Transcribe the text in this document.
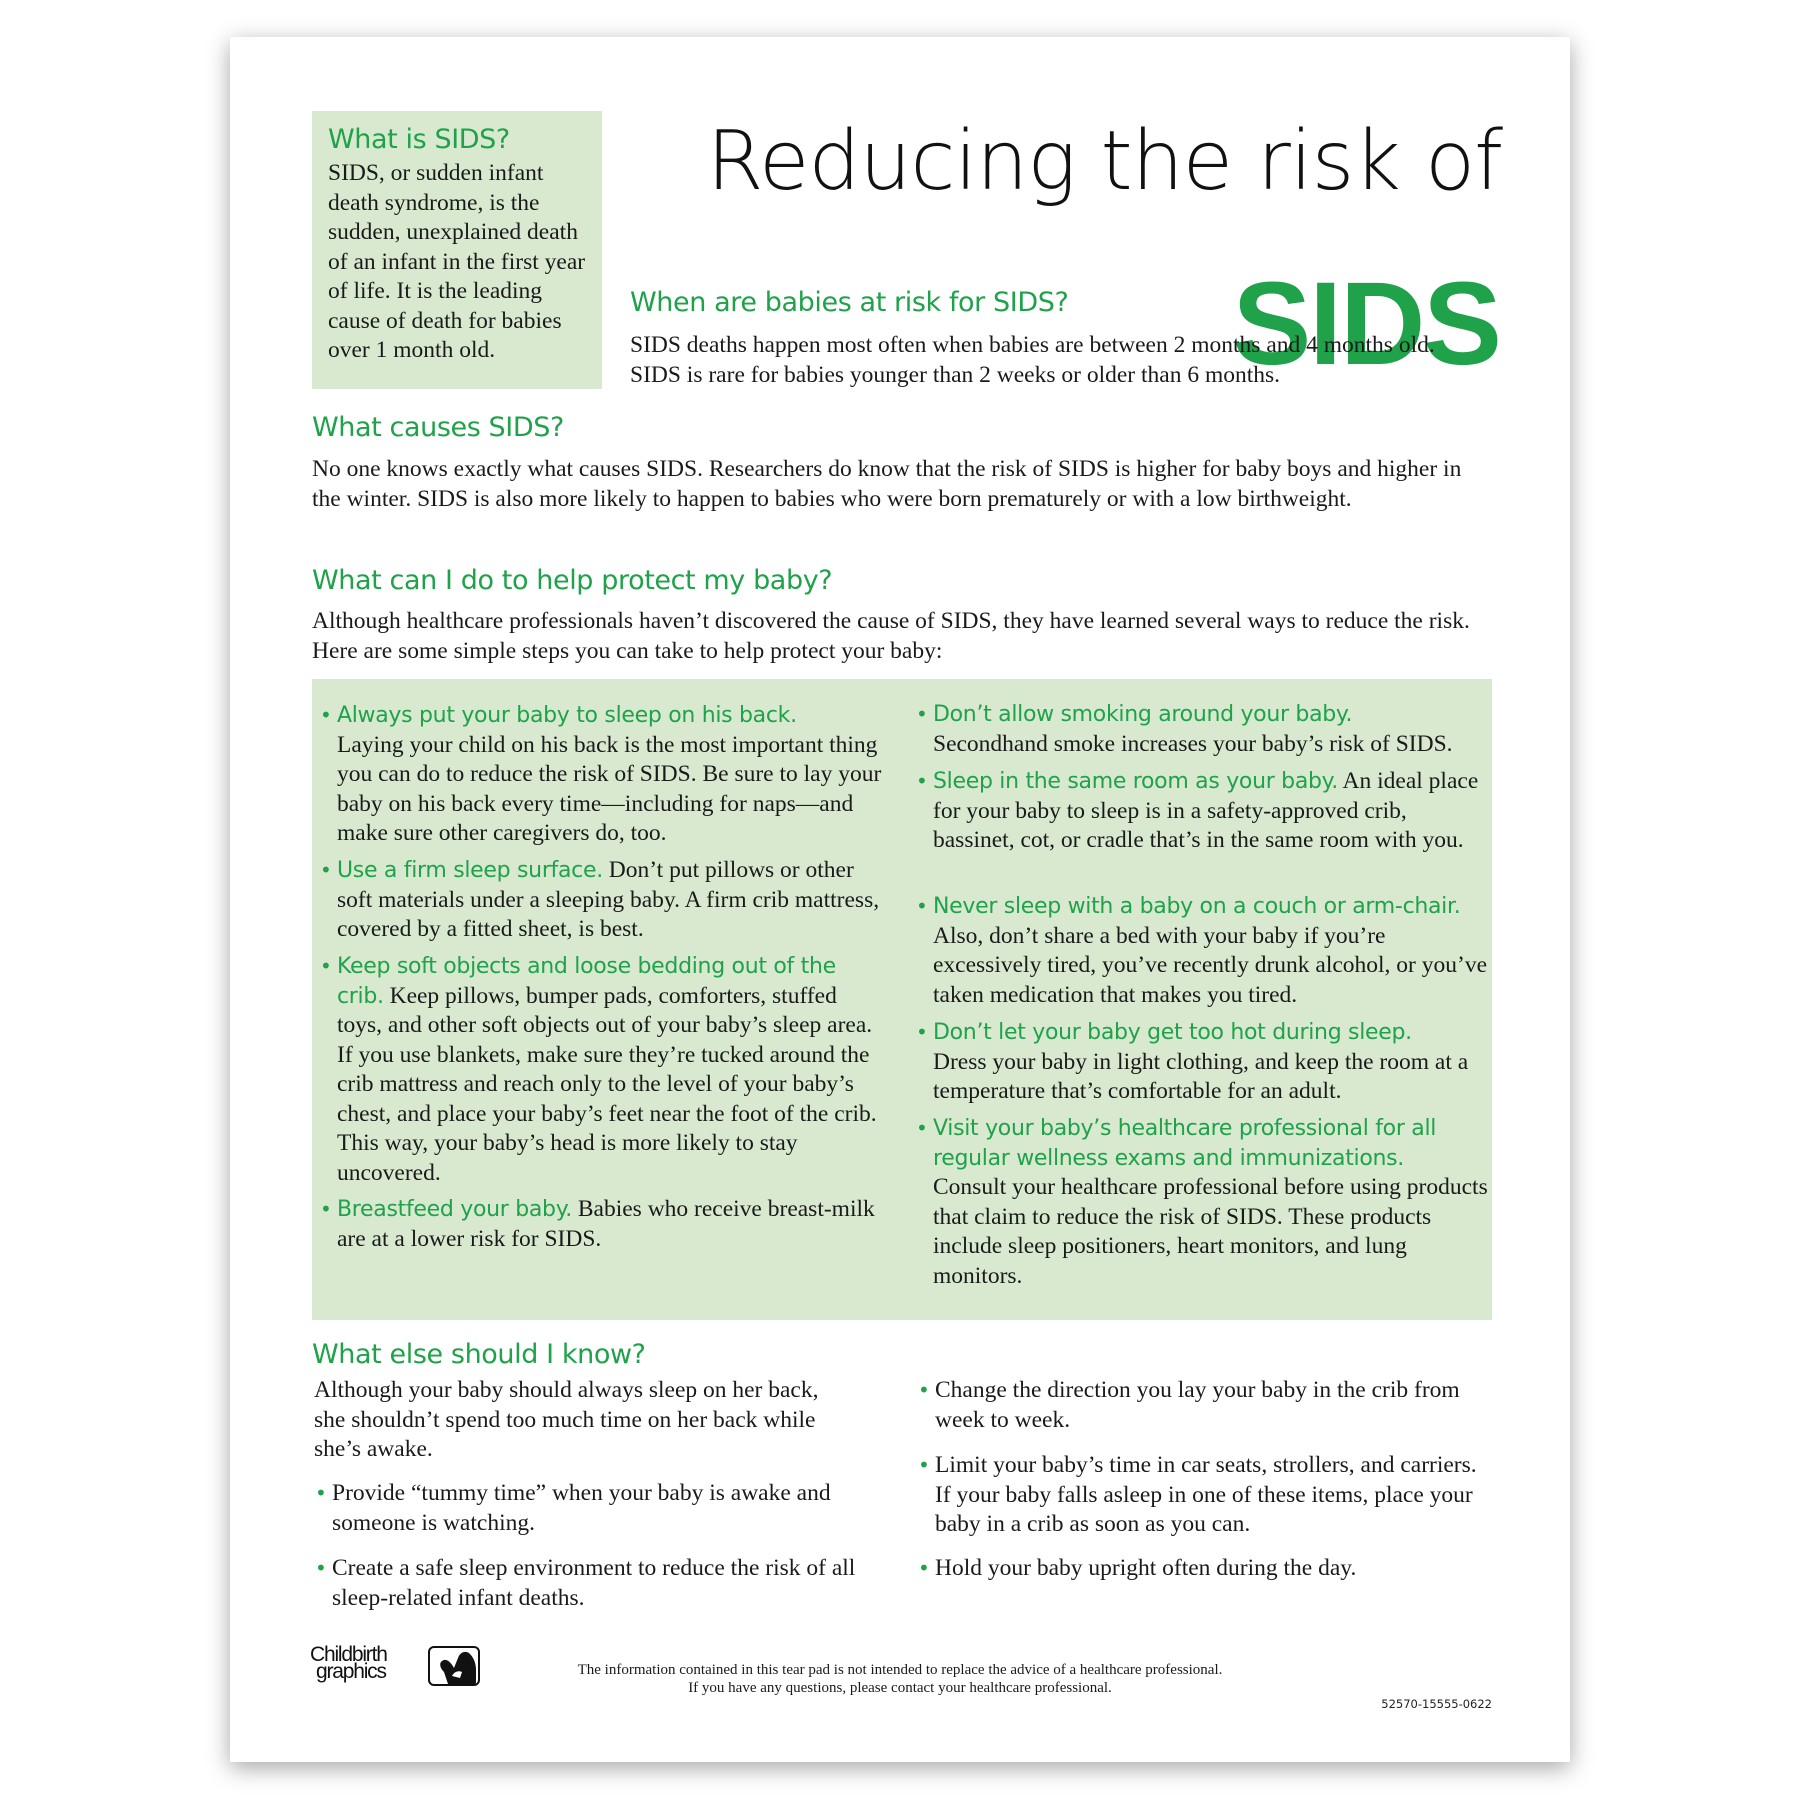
What is SIDS?
SIDS, or sudden infant death syndrome, is the sudden, unexplained death of an infant in the first year of life. It is the leading cause of death for babies over 1 month old.
Reducing the risk of
SIDS
When are babies at risk for SIDS?
SIDS deaths happen most often when babies are between 2 months and 4 months old. SIDS is rare for babies younger than 2 weeks or older than 6 months.
What causes SIDS?
No one knows exactly what causes SIDS. Researchers do know that the risk of SIDS is higher for baby boys and higher in the winter. SIDS is also more likely to happen to babies who were born prematurely or with a low birthweight.
What can I do to help protect my baby?
Although healthcare professionals haven’t discovered the cause of SIDS, they have learned several ways to reduce the risk. Here are some simple steps you can take to help protect your baby:
• Always put your baby to sleep on his back.
Laying your child on his back is the most important thing you can do to reduce the risk of SIDS. Be sure to lay your baby on his back every time—including for naps—and make sure other caregivers do, too.
• Use a firm sleep surface. Don’t put pillows or other soft materials under a sleeping baby. A firm crib mattress, covered by a fitted sheet, is best.
• Keep soft objects and loose bedding out of the crib. Keep pillows, bumper pads, comforters, stuffed toys, and other soft objects out of your baby’s sleep area. If you use blankets, make sure they’re tucked around the crib mattress and reach only to the level of your baby’s chest, and place your baby’s feet near the foot of the crib. This way, your baby’s head is more likely to stay uncovered.
• Breastfeed your baby. Babies who receive breast-milk are at a lower risk for SIDS.
• Don’t allow smoking around your baby.
Secondhand smoke increases your baby’s risk of SIDS.
• Sleep in the same room as your baby. An ideal place for your baby to sleep is in a safety-approved crib, bassinet, cot, or cradle that’s in the same room with you.
• Never sleep with a baby on a couch or arm-chair. Also, don’t share a bed with your baby if you’re excessively tired, you’ve recently drunk alcohol, or you’ve taken medication that makes you tired.
• Don’t let your baby get too hot during sleep.
Dress your baby in light clothing, and keep the room at a temperature that’s comfortable for an adult.
• Visit your baby’s healthcare professional for all regular wellness exams and immunizations.
Consult your healthcare professional before using products that claim to reduce the risk of SIDS. These products include sleep positioners, heart monitors, and lung monitors.
What else should I know?
Although your baby should always sleep on her back, she shouldn’t spend too much time on her back while she’s awake.
• Provide “tummy time” when your baby is awake and someone is watching.
• Create a safe sleep environment to reduce the risk of all sleep-related infant deaths.
• Change the direction you lay your baby in the crib from week to week.
• Limit your baby’s time in car seats, strollers, and carriers. If your baby falls asleep in one of these items, place your baby in a crib as soon as you can.
• Hold your baby upright often during the day.
Childbirth
graphics	The information contained in this tear pad is not intended to replace the advice of a healthcare professional.
If you have any questions, please contact your healthcare professional.
52570-15555-0622
